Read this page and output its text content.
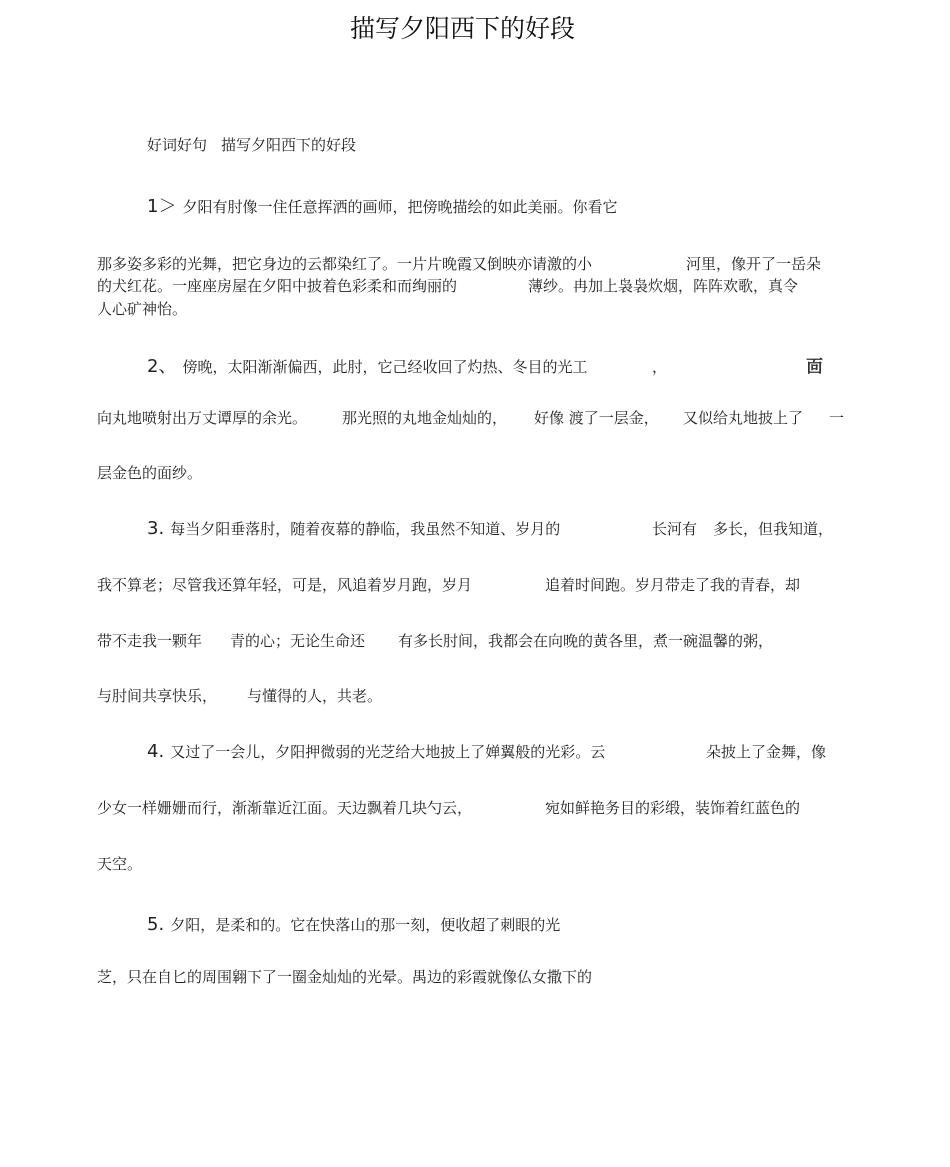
描写夕阳西下的好段
好词好句 描写夕阳西下的好段
1＞ 夕阳有肘像一住任意挥洒的画师，把傍晚描绘的如此美丽。你看它
那多姿多彩的光舞，把它身边的云都染红了。一片片晚霞又倒映亦请激的小	河里，像开了一岳朵
的犬红花。一座座房屋在夕阳中披着色彩柔和而绚丽的	薄纱。冉加上袅袅炊烟，阵阵欢歌，真令
人心矿神怡。
2、 傍晚，太阳渐渐偏西，此肘，它己经收回了灼热、冬目的光工	，	靣
向丸地喷射出万丈谭厚的余光。 那光照的丸地金灿灿的， 好像 渡了一层金， 又似给丸地披上了 一
层金色的面纱。
3. 每当夕阳垂落肘，随着夜幕的静临，我虽然不知道、岁月的	长河有 多长，但我知道，
我不算老；尽管我还算年轻，可是，风追着岁月跑，岁月	追着时间跑。岁月带走了我的青春，却
带不走我一颗年 青的心；无论生命还 有多长肘间，我都会在向晚的黄各里，煮一碗温馨的粥，
与肘间共享快乐， 与懂得的人，共老。
4. 又过了一会儿，夕阳押微弱的光芝给大地披上了婵翼般的光彩。云	朵披上了金舞，像
少女一样姗姗而行，渐渐靠近江面。天边飘着几块勺云，	宛如鲜艳务目的彩缎，装饰着红蓝色的
天空。
5. 夕阳，是柔和的。它在快落山的那一刻，便收超了刺眼的光
芝，只在自匕的周围翱下了一圈金灿灿的光晕。禺边的彩霞就像仏女撒下的
